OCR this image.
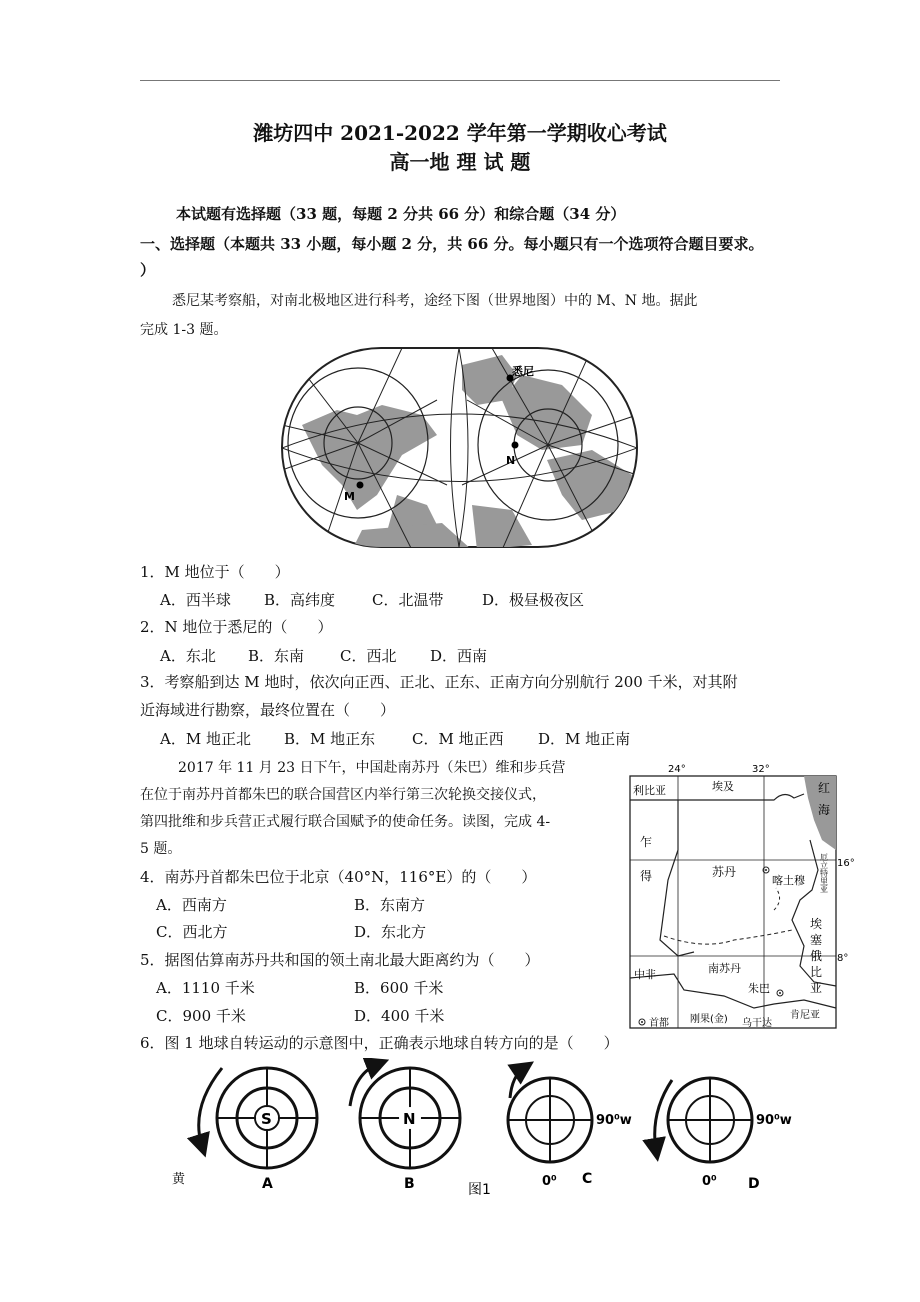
潍坊四中 2021-2022 学年第一学期收心考试
高一地 理 试 题
本试题有选择题（33 题，每题 2 分共 66 分）和综合题（34 分）
一、选择题（本题共 33 小题，每小题 2 分，共 66 分。每小题只有一个选项符合题目要求。
）
悉尼某考察船，对南北极地区进行科考，途经下图（世界地图）中的 M、N 地。据此
完成 1-3 题。
悉尼
N
M
1．M 地位于（　　）
A．西半球 B．高纬度 C．北温带	D．极昼极夜区
2．N 地位于悉尼的（　　）
A．东北 B．东南 C．西北 D．西南
3．考察船到达 M 地时，依次向正西、正北、正东、正南方向分别航行 200 千米，对其附
近海域进行勘察，最终位置在（　　）
A．M 地正北 B．M 地正东 C．M 地正西 D．M 地正南
2017 年 11 月 23 日下午，中国赴南苏丹（朱巴）维和步兵营
在位于南苏丹首都朱巴的联合国营区内举行第三次轮换交接仪式，
第四批维和步兵营正式履行联合国赋予的使命任务。读图，完成 4-
5 题。
4．南苏丹首都朱巴位于北京（40°N，116°E）的（　　）
A．西南方	B．东南方
C．西北方	D．东北方
5．据图估算南苏丹共和国的领土南北最大距离约为（　　）
A．1110 千米	B．600 千米
C．900 千米	D．400 千米
24°	32°
16°
8°
利比亚	埃及	红
海
乍
得	苏丹
喀土穆
厄
立
特
里
亚
埃
塞
俄
比
亚
中非	南苏丹
朱巴
首都 刚果(金) 乌干达
肯尼亚
6．图 1 地球自转运动的示意图中，正确表示地球自转方向的是（　　）
S	N	90⁰w
0⁰
90⁰w
0⁰
黄	A	B	C	D
图1
